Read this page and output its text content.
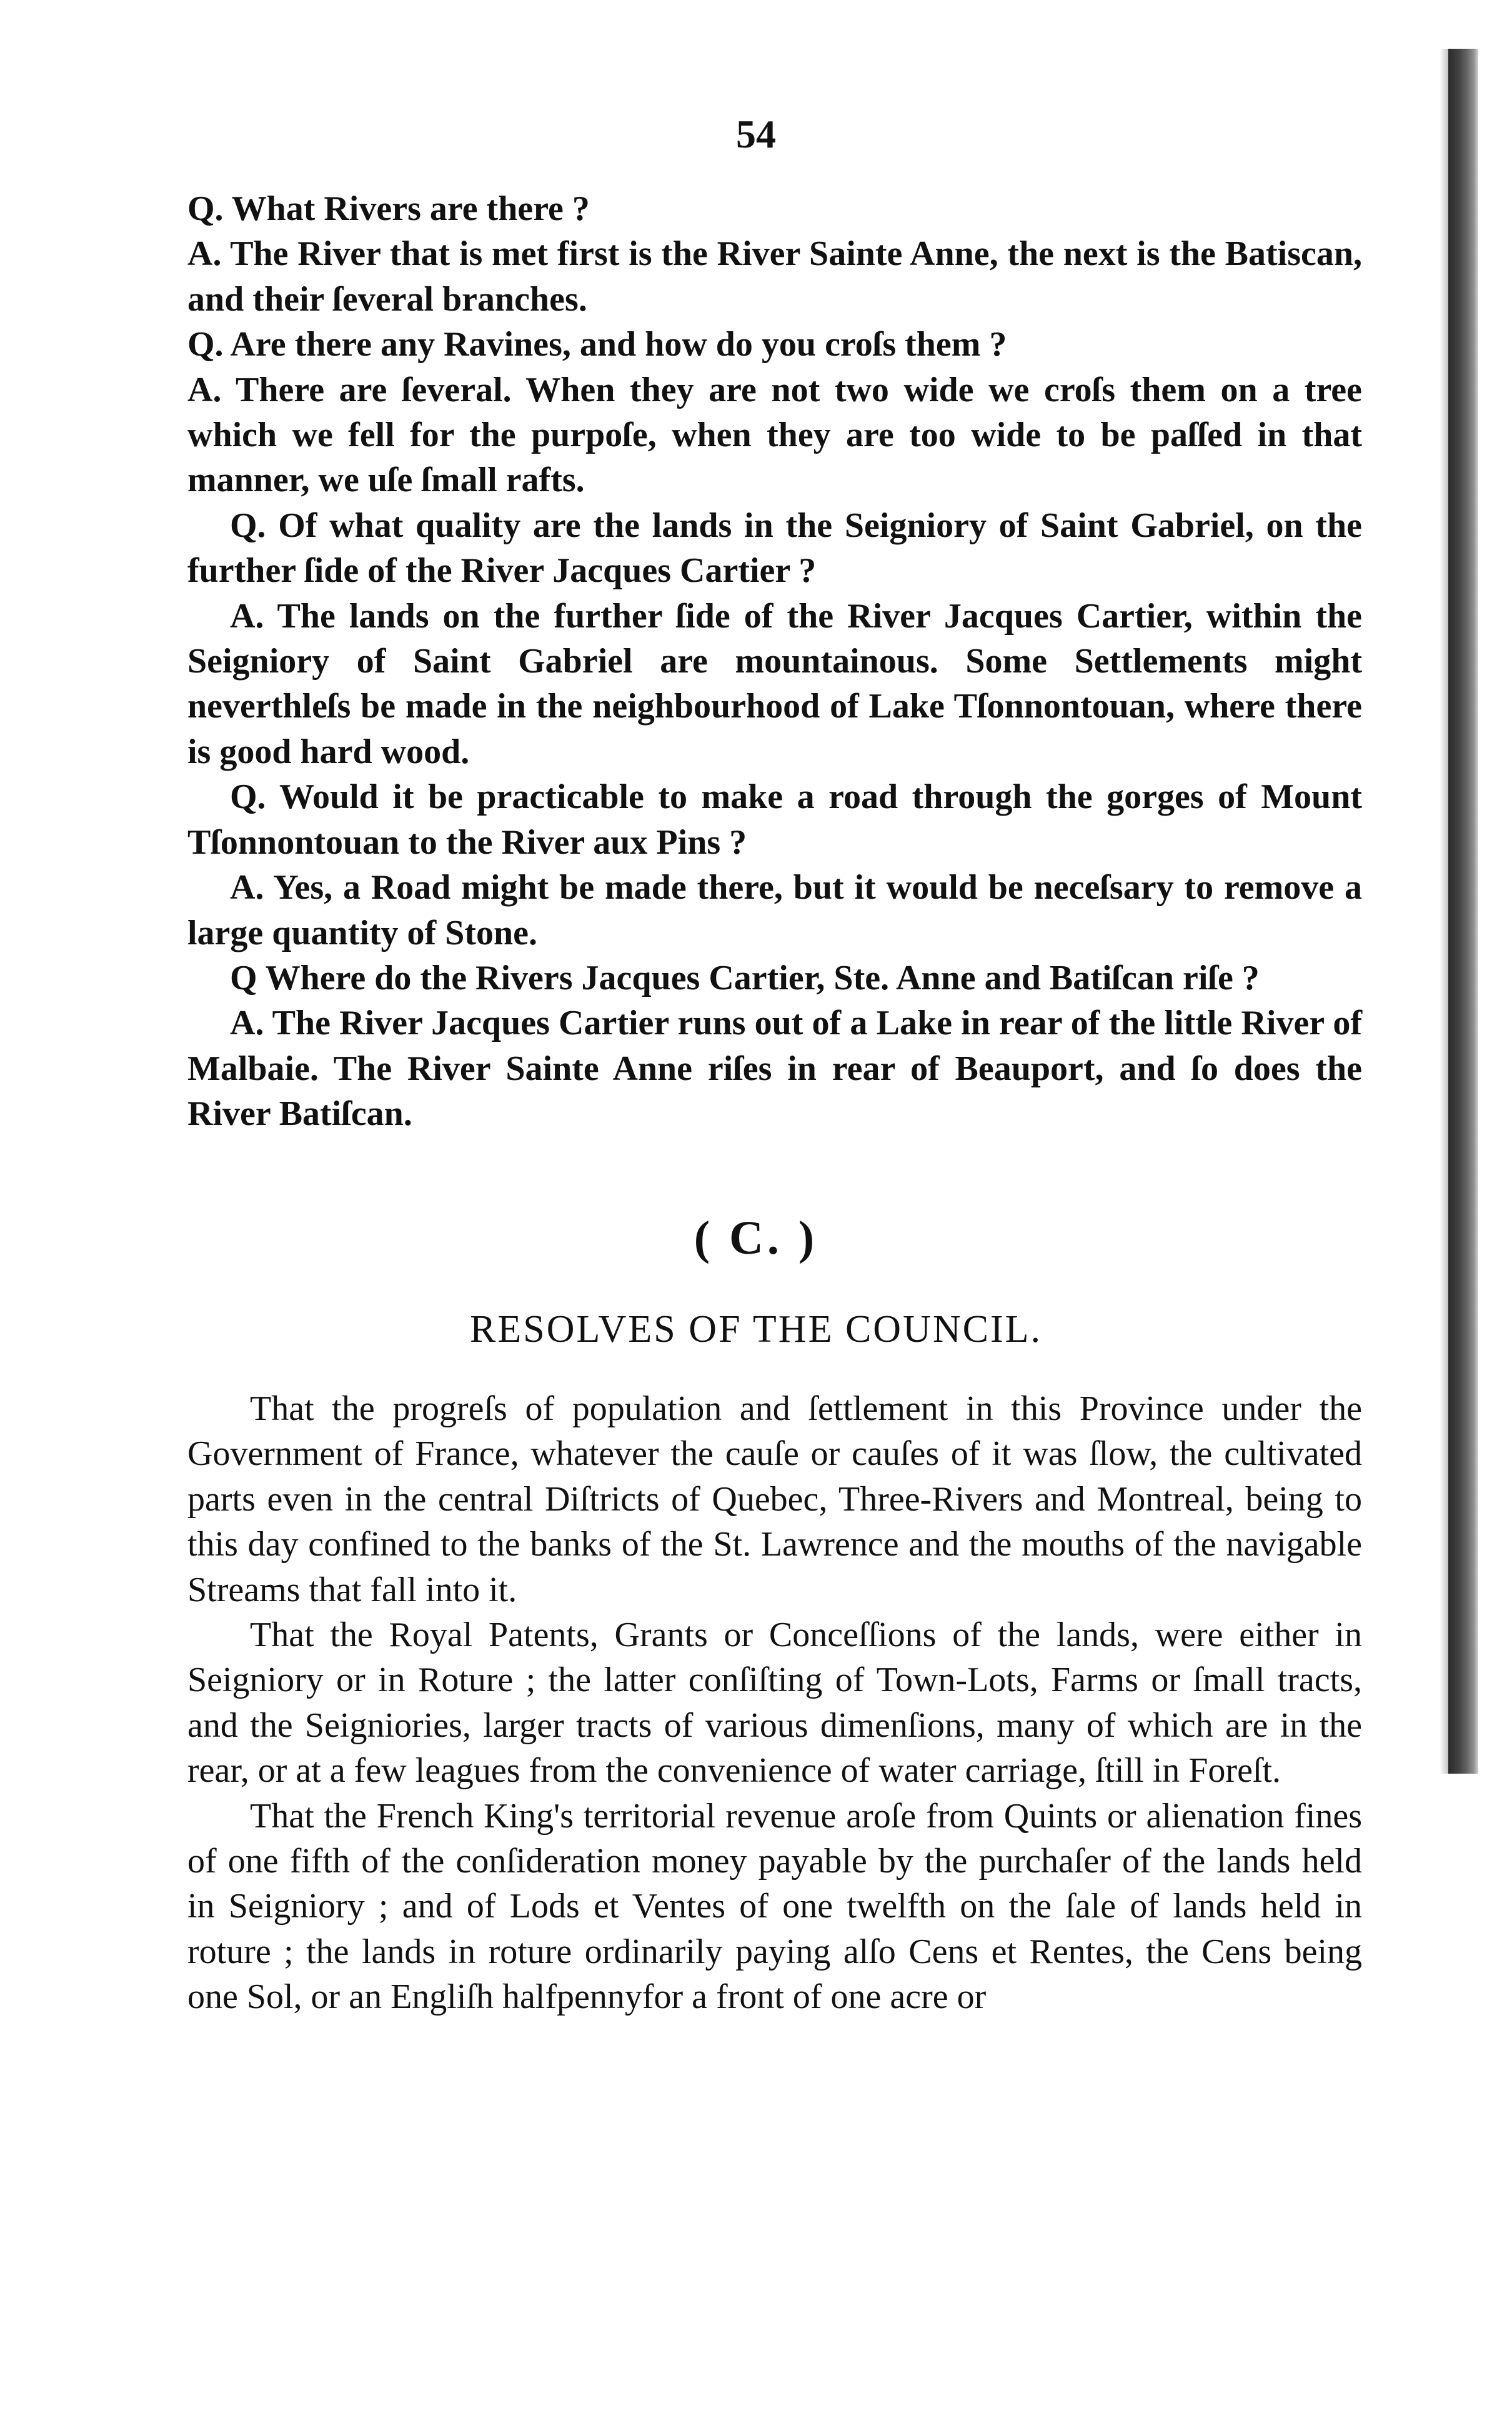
54

Q. What Rivers are there ?

A. The River that is met first is the River Sainte Anne, the next is the Batiscan, and their ſeveral branches.

Q. Are there any Ravines, and how do you croſs them ?

A. There are ſeveral. When they are not two wide we croſs them on a tree which we fell for the purpoſe, when they are too wide to be paſſed in that manner, we uſe ſmall rafts.

Q. Of what quality are the lands in the Seigniory of Saint Gabriel, on the further ſide of the River Jacques Cartier ?

A. The lands on the further ſide of the River Jacques Cartier, within the Seigniory of Saint Gabriel are mountainous. Some Settlements might neverthleſs be made in the neighbourhood of Lake Tſonnontouan, where there is good hard wood.

Q. Would it be practicable to make a road through the gorges of Mount Tſonnontouan to the River aux Pins ?

A. Yes, a Road might be made there, but it would be neceſsary to remove a large quantity of Stone.

Q Where do the Rivers Jacques Cartier, Ste. Anne and Batiſcan riſe ?

A. The River Jacques Cartier runs out of a Lake in rear of the little River of Malbaie. The River Sainte Anne riſes in rear of Beauport, and ſo does the River Batiſcan.

( C. )
RESOLVES OF THE COUNCIL.

That the progreſs of population and ſettlement in this Province under the Government of France, whatever the cauſe or cauſes of it was ſlow, the cultivated parts even in the central Diſtricts of Quebec, Three-Rivers and Montreal, being to this day confined to the banks of the St. Lawrence and the mouths of the navigable Streams that fall into it.

That the Royal Patents, Grants or Conceſſions of the lands, were either in Seigniory or in Roture ; the latter conſiſting of Town-Lots, Farms or ſmall tracts, and the Seigniories, larger tracts of various dimenſions, many of which are in the rear, or at a few leagues from the convenience of water carriage, ſtill in Foreſt.

That the French King's territorial revenue aroſe from Quints or alienation fines of one fifth of the conſideration money payable by the purchaſer of the lands held in Seigniory ; and of Lods et Ventes of one twelfth on the ſale of lands held in roture ; the lands in roture ordinarily paying alſo Cens et Rentes, the Cens being one Sol, or an Engliſh halfpennyfor a front of one acre or
